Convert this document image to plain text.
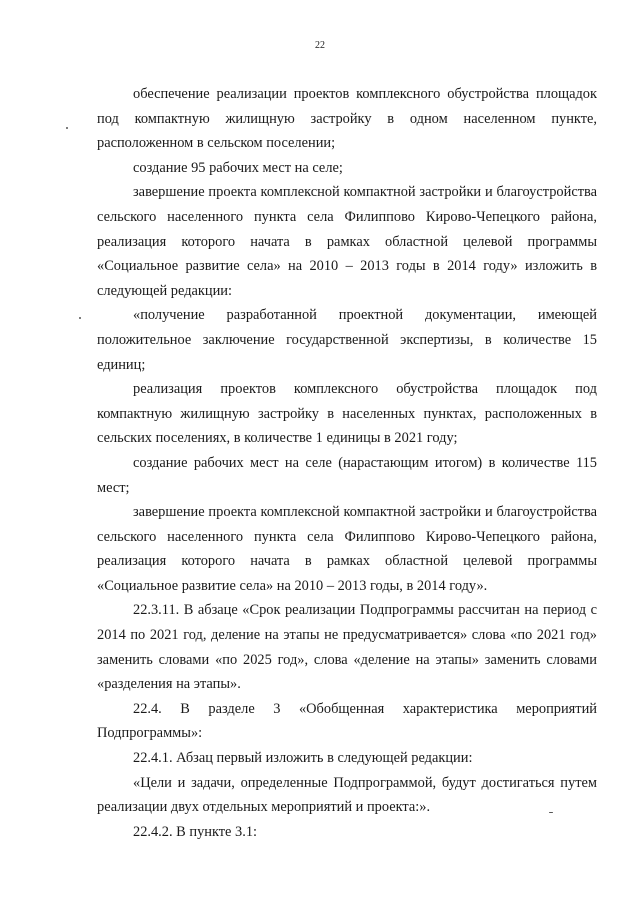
22

обеспечение реализации проектов комплексного обустройства площадок под компактную жилищную застройку в одном населенном пункте, расположенном в сельском поселении;

создание 95 рабочих мест на селе;

завершение проекта комплексной компактной застройки и благоустройства сельского населенного пункта села Филиппово Кирово-Чепецкого района, реализация которого начата в рамках областной целевой программы «Социальное развитие села» на 2010 – 2013 годы в 2014 году» изложить в следующей редакции:

«получение разработанной проектной документации, имеющей положительное заключение государственной экспертизы, в количестве 15 единиц;

реализация проектов комплексного обустройства площадок под компактную жилищную застройку в населенных пунктах, расположенных в сельских поселениях, в количестве 1 единицы в 2021 году;

создание рабочих мест на селе (нарастающим итогом) в количестве 115 мест;

завершение проекта комплексной компактной застройки и благоустройства сельского населенного пункта села Филиппово Кирово-Чепецкого района, реализация которого начата в рамках областной целевой программы «Социальное развитие села» на 2010 – 2013 годы, в 2014 году».

22.3.11. В абзаце «Срок реализации Подпрограммы рассчитан на период с 2014 по 2021 год, деление на этапы не предусматривается» слова «по 2021 год» заменить словами «по 2025 год», слова «деление на этапы» заменить словами «разделения на этапы».

22.4. В разделе 3 «Обобщенная характеристика мероприятий Подпрограммы»:

22.4.1. Абзац первый изложить в следующей редакции:

«Цели и задачи, определенные Подпрограммой, будут достигаться путем реализации двух отдельных мероприятий и проекта:».

22.4.2. В пункте 3.1:
